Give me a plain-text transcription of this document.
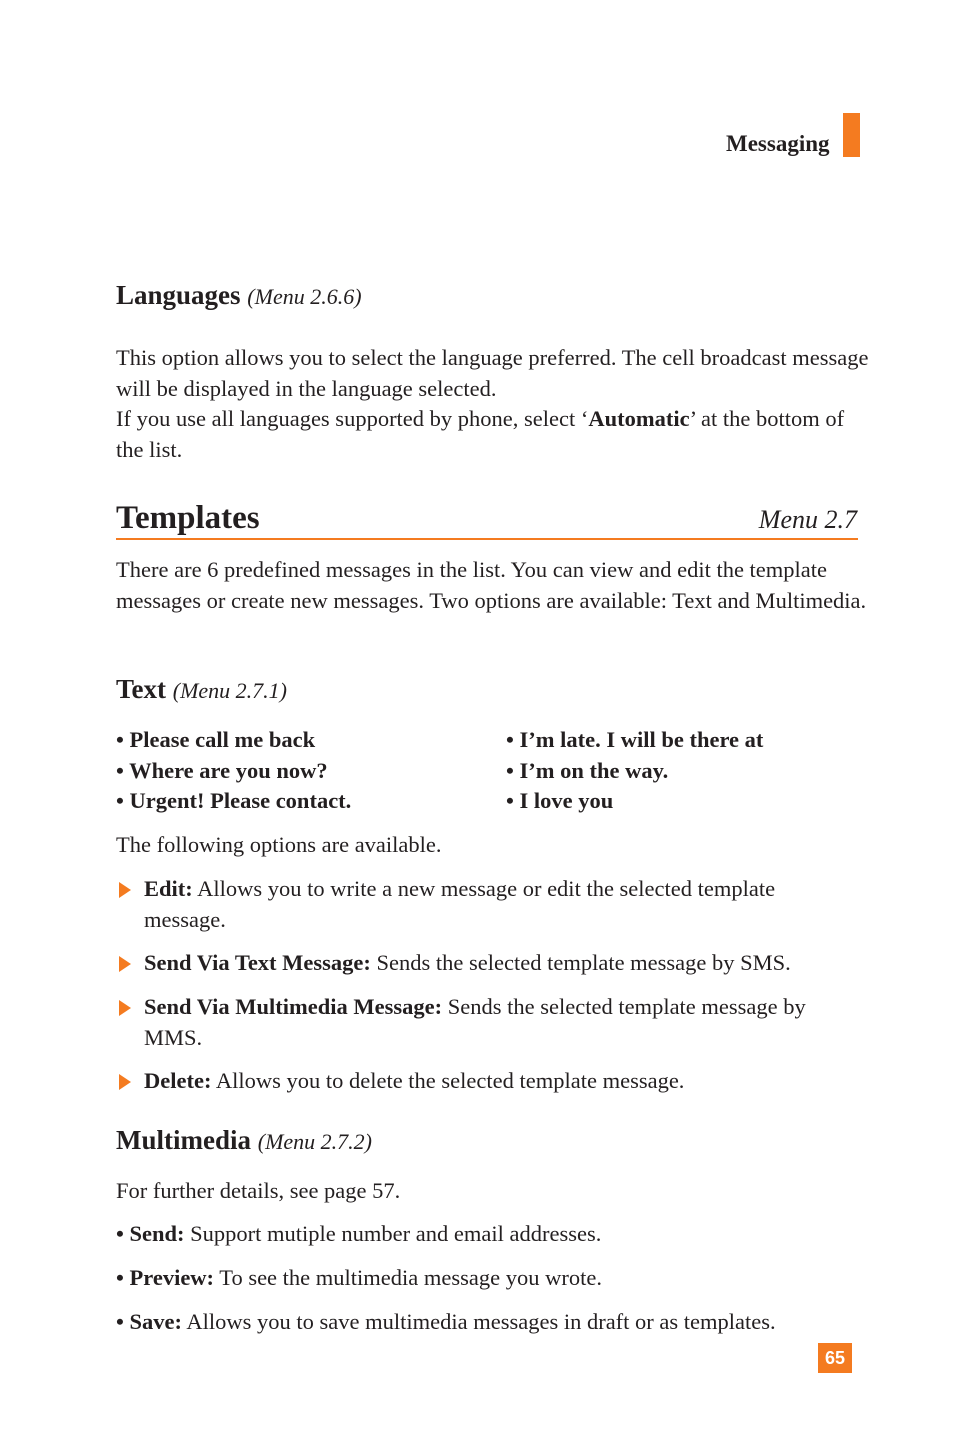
Messaging
Languages (Menu 2.6.6)
This option allows you to select the language preferred. The cell broadcast message will be displayed in the language selected.
If you use all languages supported by phone, select ‘Automatic’ at the bottom of the list.
Templates	Menu 2.7
There are 6 predefined messages in the list. You can view and edit the template messages or create new messages. Two options are available: Text and Multimedia.
Text (Menu 2.7.1)
• Please call me back
• Where are you now?
• Urgent! Please contact.
• I’m late. I will be there at
• I’m on the way.
• I love you
The following options are available.
Edit: Allows you to write a new message or edit the selected template message.
Send Via Text Message: Sends the selected template message by SMS.
Send Via Multimedia Message: Sends the selected template message by MMS.
Delete: Allows you to delete the selected template message.
Multimedia (Menu 2.7.2)
For further details, see page 57.
• Send: Support mutiple number and email addresses.
• Preview: To see the multimedia message you wrote.
• Save: Allows you to save multimedia messages in draft or as templates.
65
